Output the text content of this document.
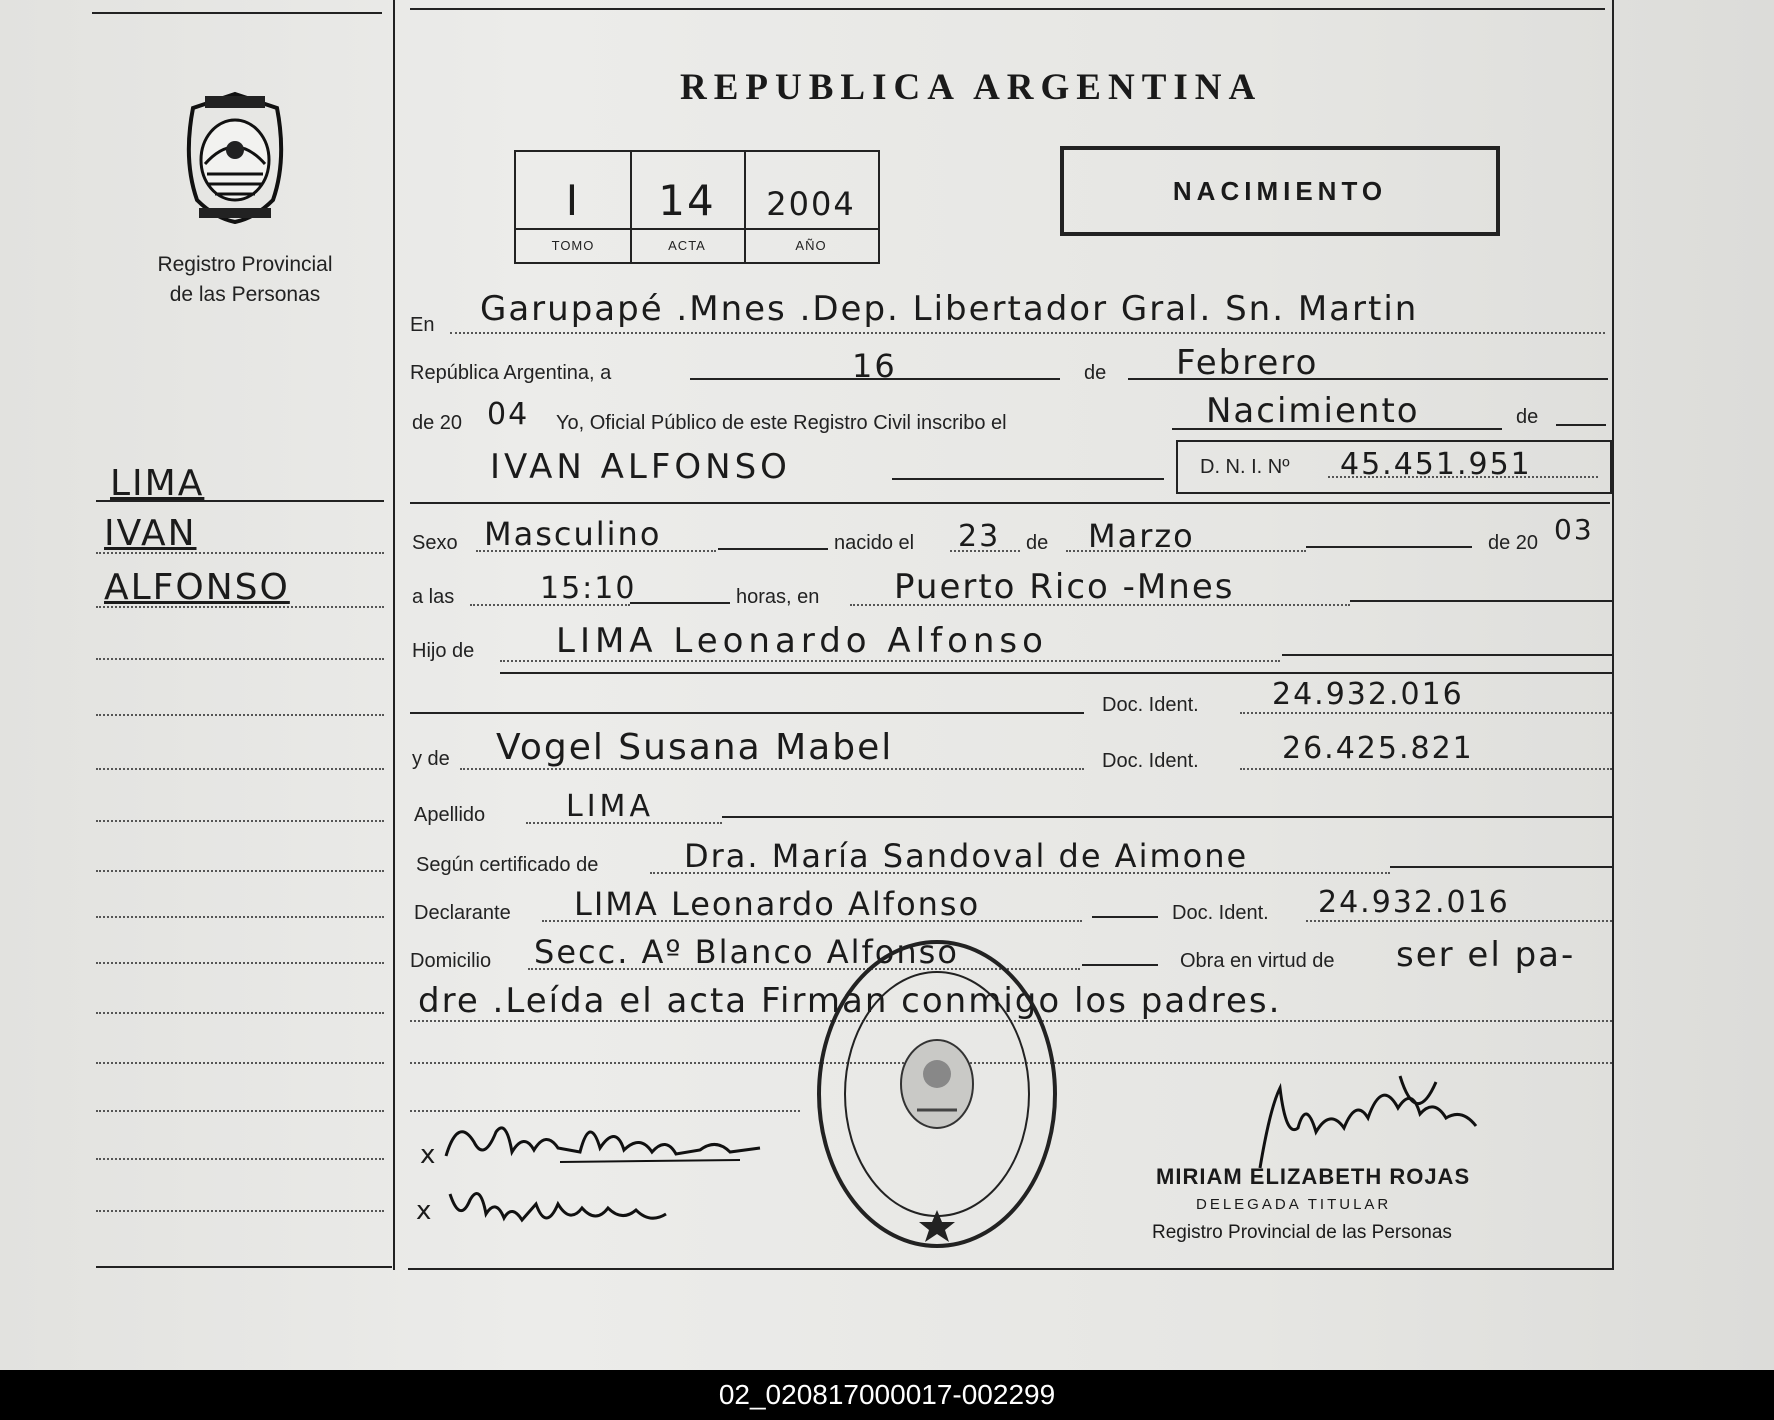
Registro Provincial
de las Personas
LIMA
IVAN
ALFONSO
REPUBLICA ARGENTINA
I	14	2004
TOMO	ACTA	AÑO
NACIMIENTO
En Garupapé .Mnes .Dep. Libertador Gral. Sn. Martin
República Argentina, a	16	de Febrero
de 20 04 Yo, Oficial Público de este Registro Civil inscribo el	Nacimiento	de
IVAN ALFONSO	D. N. I. Nº 45.451.951
Sexo Masculino	nacido el 23 de Marzo	de 20 03
a las	15:10	horas, en Puerto Rico -Mnes
Hijo de LIMA Leonardo Alfonso
Doc. Ident. 24.932.016
y de Vogel Susana Mabel	Doc. Ident.	26.425.821
Apellido	LIMA
Según certificado de	Dra. María Sandoval de Aimone
Declarante LIMA Leonardo Alfonso	Doc. Ident. 24.932.016
Domicilio Secc. Aº Blanco Alfonso	Obra en virtud de ser el pa-
dre .Leída el acta Firman conmigo los padres.
x
x
MIRIAM ELIZABETH ROJAS
DELEGADA TITULAR
Registro Provincial de las Personas
02_020817000017-002299
